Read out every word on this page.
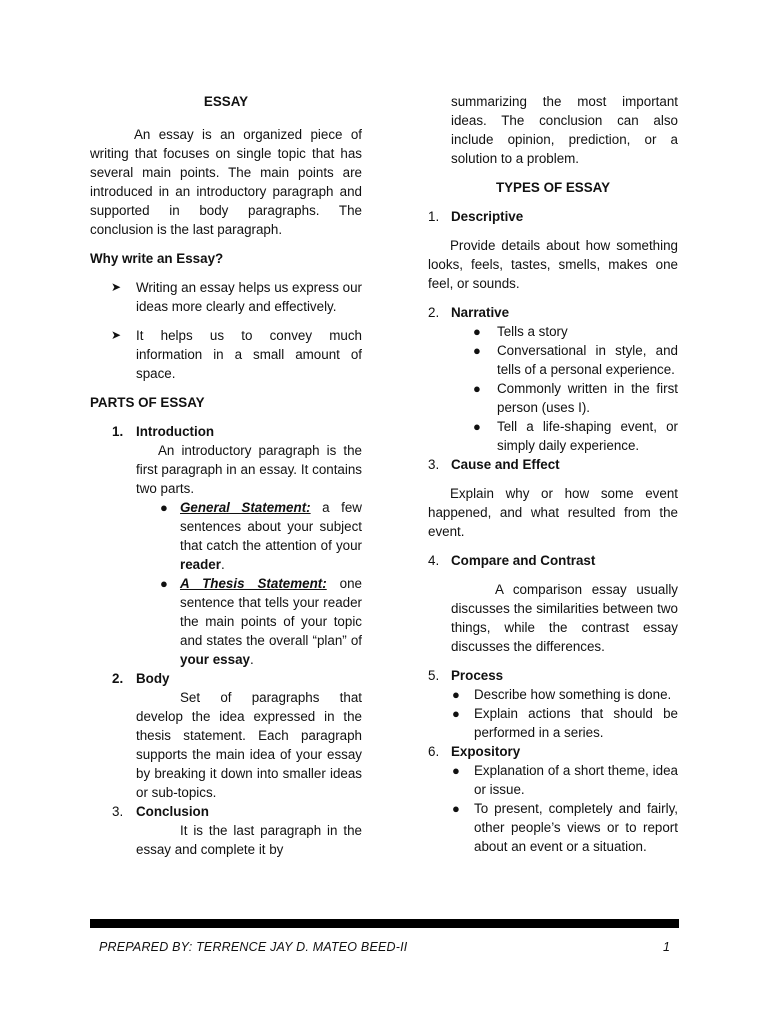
ESSAY

An essay is an organized piece of writing that focuses on single topic that has several main points. The main points are introduced in an introductory paragraph and supported in body paragraphs. The conclusion is the last paragraph.

Why write an Essay?

➤ Writing an essay helps us express our ideas more clearly and effectively.
➤ It helps us to convey much information in a small amount of space.

PARTS OF ESSAY

1. Introduction

An introductory paragraph is the first paragraph in an essay. It contains two parts.

● General Statement: a few sentences about your subject that catch the attention of your reader.
● A Thesis Statement: one sentence that tells your reader the main points of your topic and states the overall “plan” of your essay.
2. Body

Set of paragraphs that develop the idea expressed in the thesis statement. Each paragraph supports the main idea of your essay by breaking it down into smaller ideas or sub-topics.

3. Conclusion

It is the last paragraph in the essay and complete it by

summarizing the most important ideas. The conclusion can also include opinion, prediction, or a solution to a problem.

TYPES OF ESSAY

1. Descriptive

Provide details about how something looks, feels, tastes, smells, makes one feel, or sounds.

2. Narrative
● Tells a story
● Conversational in style, and tells of a personal experience.
● Commonly written in the first person (uses I).
● Tell a life-shaping event, or simply daily experience.
3. Cause and Effect

Explain why or how some event happened, and what resulted from the event.

4. Compare and Contrast

A comparison essay usually discusses the similarities between two things, while the contrast essay discusses the differences.

5. Process
● Describe how something is done.
● Explain actions that should be performed in a series.
6. Expository
● Explanation of a short theme, idea or issue.
● To present, completely and fairly, other people’s views or to report about an event or a situation.
PREPARED BY: TERRENCE JAY D. MATEO BEED-II	1
